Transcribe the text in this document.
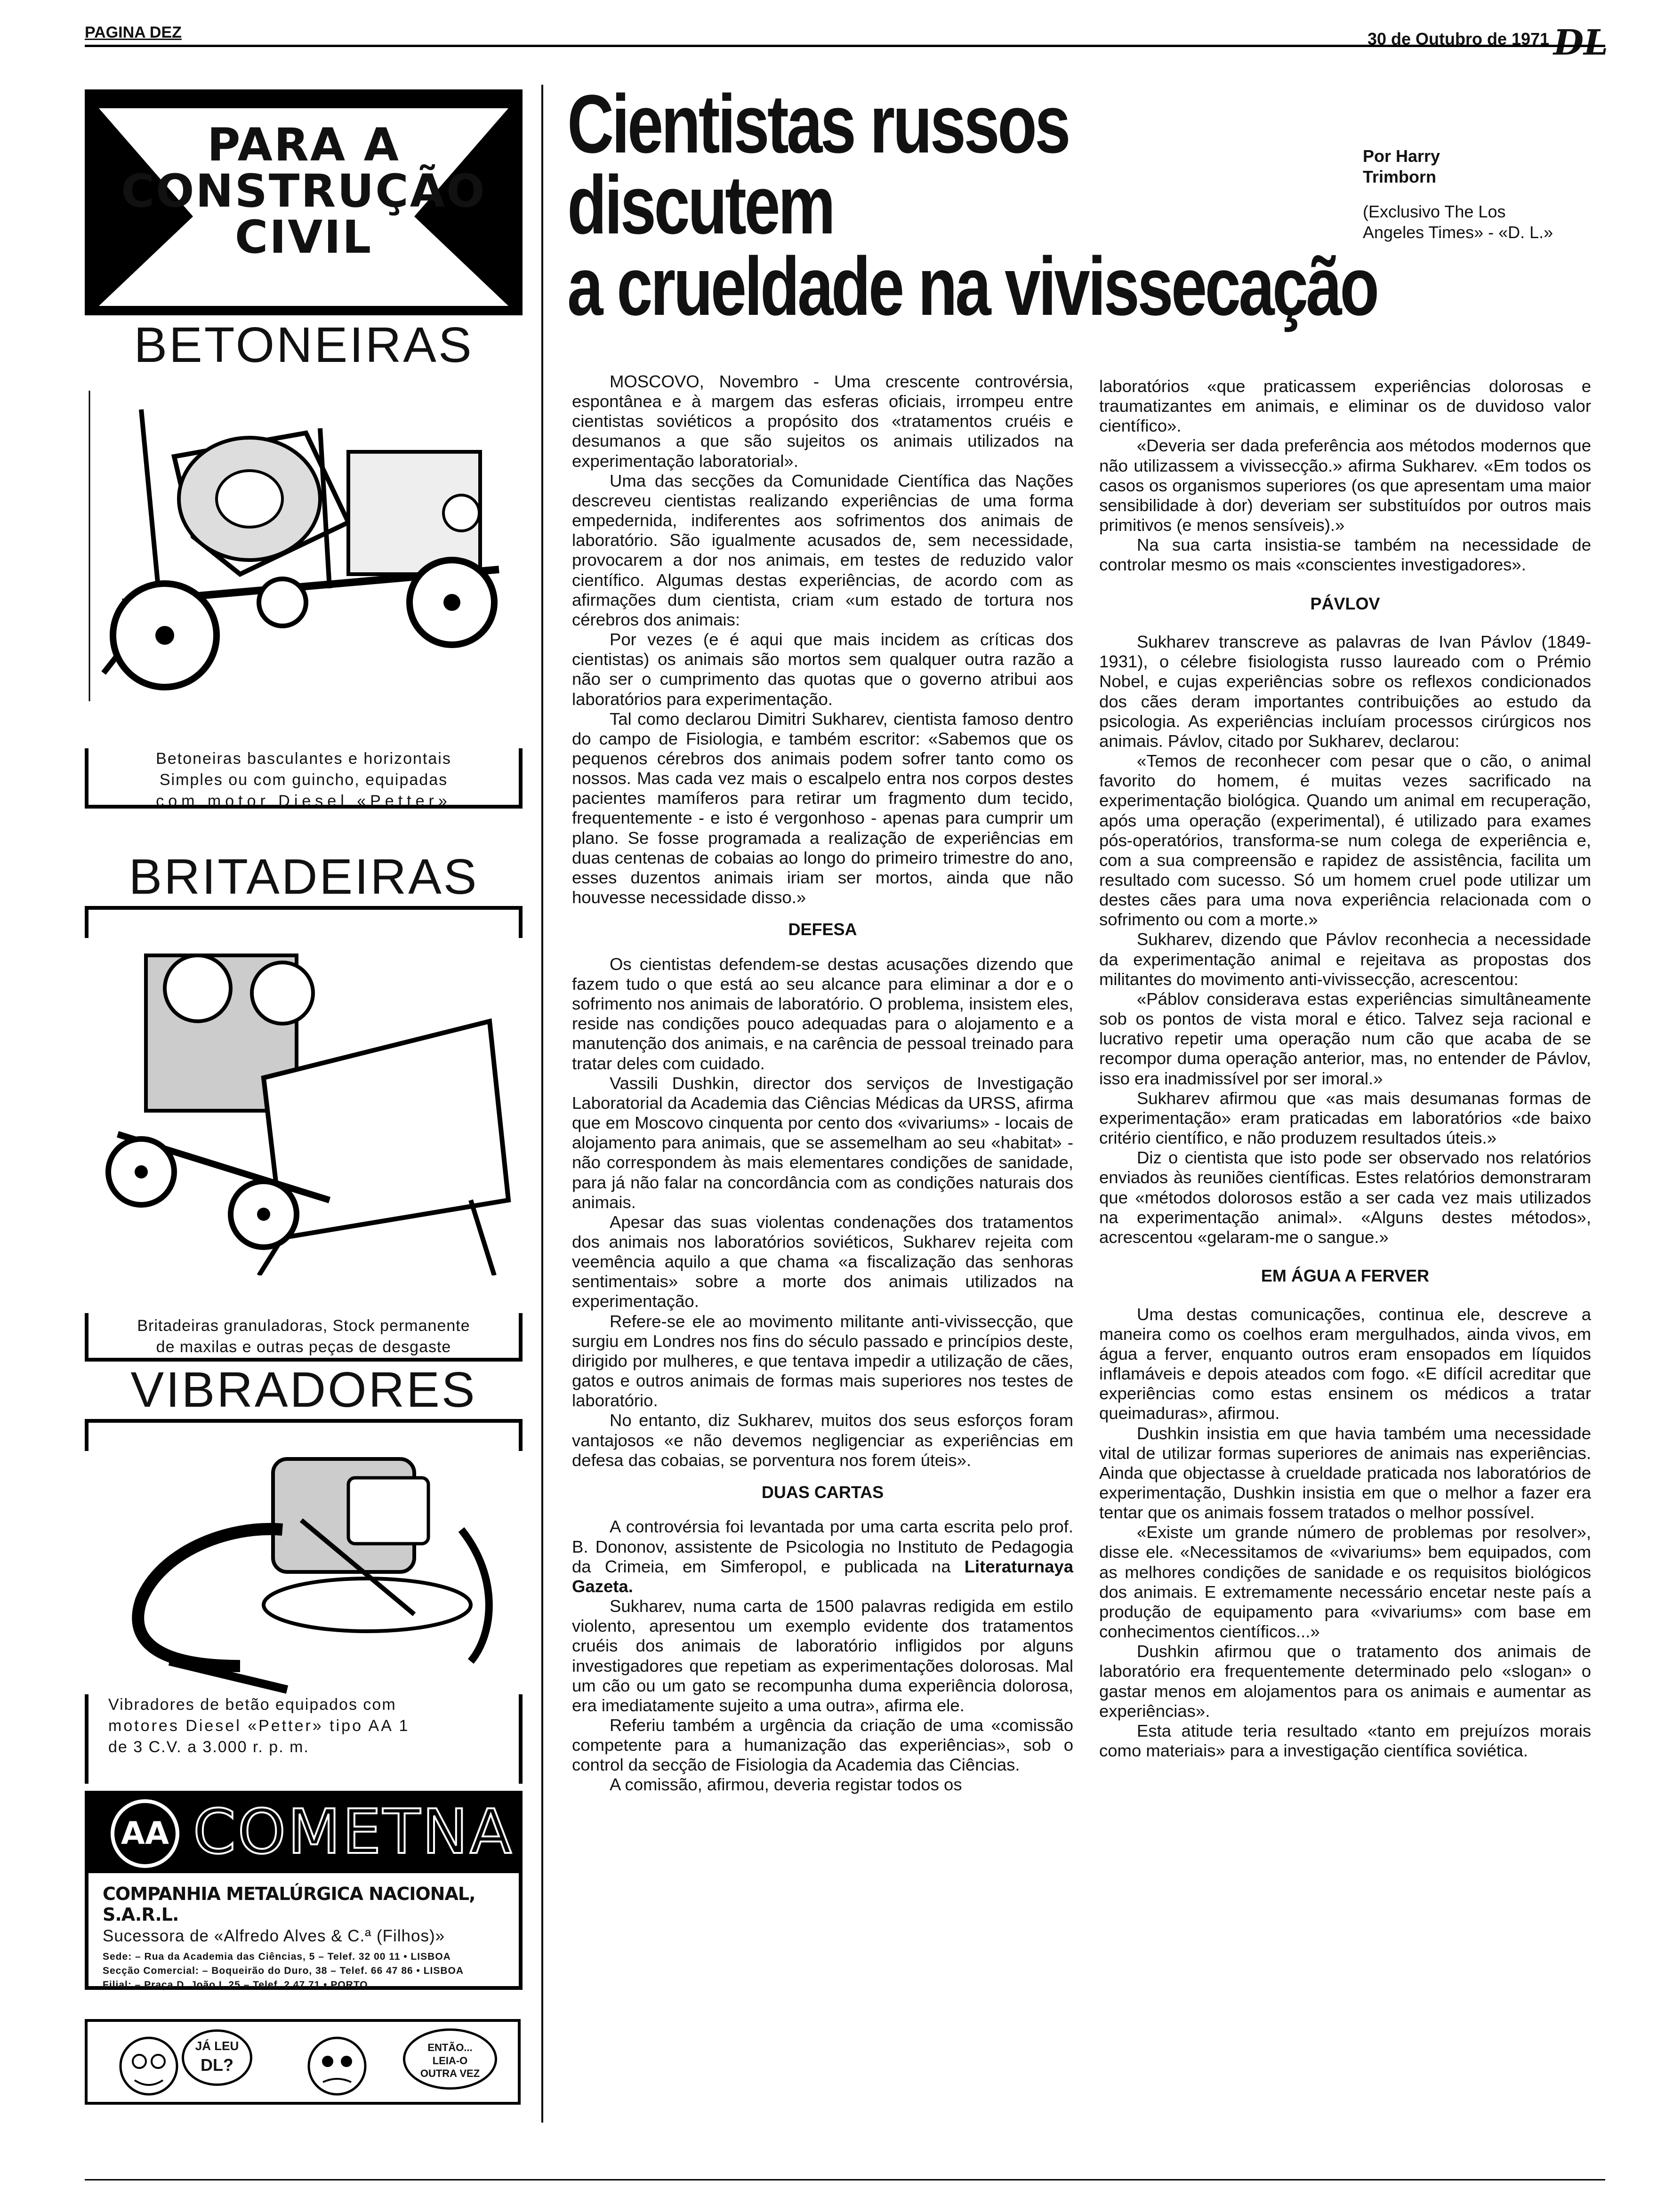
PAGINA DEZ	30 de Outubro de 1971 DL
PARA A
CONSTRUÇÃO
CIVIL
BETONEIRAS
Betoneiras basculantes e horizontais
Simples ou com guincho, equipadas
com motor Diesel «Petter»
BRITADEIRAS
Britadeiras granuladoras, Stock permanente
de maxilas e outras peças de desgaste
VIBRADORES
Vibradores de betão equipados com
motores Diesel «Petter» tipo AA 1
de 3 C.V. a 3.000 r. p. m.
AA COMETNA
COMPANHIA METALÚRGICA NACIONAL, S.A.R.L.
Sucessora de «Alfredo Alves & C.ª (Filhos)»
Sede: – Rua da Academia das Ciências, 5 – Telef. 32 00 11 • LISBOA
Secção Comercial: – Boqueirão do Duro, 38 – Telef. 66 47 86 • LISBOA
Filial: – Praça D. João I, 25 – Telef. 2 47 71 • PORTO
JÁ LEU
DL?
ENTÃO...
LEIA-O
OUTRA VEZ
Cientistas russos
discutem
a crueldade na vivissecação
Por Harry Trimborn
(Exclusivo The Los Angeles Times» - «D. L.»

MOSCOVO, Novembro - Uma crescente controvérsia, espontânea e à margem das esferas oficiais, irrompeu entre cientistas soviéticos a propósito dos «tratamentos cruéis e desumanos a que são sujeitos os animais utilizados na experimentação laboratorial».

Uma das secções da Comunidade Científica das Nações descreveu cientistas realizando experiências de uma forma empedernida, indiferentes aos sofrimentos dos animais de laboratório. São igualmente acusados de, sem necessidade, provocarem a dor nos animais, em testes de reduzido valor científico. Algumas destas experiências, de acordo com as afirmações dum cientista, criam «um estado de tortura nos cérebros dos animais:

Por vezes (e é aqui que mais incidem as críticas dos cientistas) os animais são mortos sem qualquer outra razão a não ser o cumprimento das quotas que o governo atribui aos laboratórios para experimentação.

Tal como declarou Dimitri Sukharev, cientista famoso dentro do campo de Fisiologia, e também escritor: «Sabemos que os pequenos cérebros dos animais podem sofrer tanto como os nossos. Mas cada vez mais o escalpelo entra nos corpos destes pacientes mamíferos para retirar um fragmento dum tecido, frequentemente - e isto é vergonhoso - apenas para cumprir um plano. Se fosse programada a realização de experiências em duas centenas de cobaias ao longo do primeiro trimestre do ano, esses duzentos animais iriam ser mortos, ainda que não houvesse necessidade disso.»

DEFESA

Os cientistas defendem-se destas acusações dizendo que fazem tudo o que está ao seu alcance para eliminar a dor e o sofrimento nos animais de laboratório. O problema, insistem eles, reside nas condições pouco adequadas para o alojamento e a manutenção dos animais, e na carência de pessoal treinado para tratar deles com cuidado.

Vassili Dushkin, director dos serviços de Investigação Laboratorial da Academia das Ciências Médicas da URSS, afirma que em Moscovo cinquenta por cento dos «vivariums» - locais de alojamento para animais, que se assemelham ao seu «habitat» - não correspondem às mais elementares condições de sanidade, para já não falar na concordância com as condições naturais dos animais.

Apesar das suas violentas condenações dos tratamentos dos animais nos laboratórios soviéticos, Sukharev rejeita com veemência aquilo a que chama «a fiscalização das senhoras sentimentais» sobre a morte dos animais utilizados na experimentação.

Refere-se ele ao movimento militante anti-vivissecção, que surgiu em Londres nos fins do século passado e princípios deste, dirigido por mulheres, e que tentava impedir a utilização de cães, gatos e outros animais de formas mais superiores nos testes de laboratório.

No entanto, diz Sukharev, muitos dos seus esforços foram vantajosos «e não devemos negligenciar as experiências em defesa das cobaias, se porventura nos forem úteis».

DUAS CARTAS

A controvérsia foi levantada por uma carta escrita pelo prof. B. Dononov, assistente de Psicologia no Instituto de Pedagogia da Crimeia, em Simferopol, e publicada na Literaturnaya Gazeta.

Sukharev, numa carta de 1500 palavras redigida em estilo violento, apresentou um exemplo evidente dos tratamentos cruéis dos animais de laboratório infligidos por alguns investigadores que repetiam as experimentações dolorosas. Mal um cão ou um gato se recompunha duma experiência dolorosa, era imediatamente sujeito a uma outra», afirma ele.

Referiu também a urgência da criação de uma «comissão competente para a humanização das experiências», sob o control da secção de Fisiologia da Academia das Ciências.

A comissão, afirmou, deveria registar todos os

laboratórios «que praticassem experiências dolorosas e traumatizantes em animais, e eliminar os de duvidoso valor científico».

«Deveria ser dada preferência aos métodos modernos que não utilizassem a vivissecção.» afirma Sukharev. «Em todos os casos os organismos superiores (os que apresentam uma maior sensibilidade à dor) deveriam ser substituídos por outros mais primitivos (e menos sensíveis).»

Na sua carta insistia-se também na necessidade de controlar mesmo os mais «conscientes investigadores».

PÁVLOV

Sukharev transcreve as palavras de Ivan Pávlov (1849-1931), o célebre fisiologista russo laureado com o Prémio Nobel, e cujas experiências sobre os reflexos condicionados dos cães deram importantes contribuições ao estudo da psicologia. As experiências incluíam processos cirúrgicos nos animais. Pávlov, citado por Sukharev, declarou:

«Temos de reconhecer com pesar que o cão, o animal favorito do homem, é muitas vezes sacrificado na experimentação biológica. Quando um animal em recuperação, após uma operação (experimental), é utilizado para exames pós-operatórios, transforma-se num colega de experiência e, com a sua compreensão e rapidez de assistência, facilita um resultado com sucesso. Só um homem cruel pode utilizar um destes cães para uma nova experiência relacionada com o sofrimento ou com a morte.»

Sukharev, dizendo que Pávlov reconhecia a necessidade da experimentação animal e rejeitava as propostas dos militantes do movimento anti-vivissecção, acrescentou:

«Páblov considerava estas experiências simultâneamente sob os pontos de vista moral e ético. Talvez seja racional e lucrativo repetir uma operação num cão que acaba de se recompor duma operação anterior, mas, no entender de Pávlov, isso era inadmissível por ser imoral.»

Sukharev afirmou que «as mais desumanas formas de experimentação» eram praticadas em laboratórios «de baixo critério científico, e não produzem resultados úteis.»

Diz o cientista que isto pode ser observado nos relatórios enviados às reuniões científicas. Estes relatórios demonstraram que «métodos dolorosos estão a ser cada vez mais utilizados na experimentação animal». «Alguns destes métodos», acrescentou «gelaram-me o sangue.»

EM ÁGUA A FERVER

Uma destas comunicações, continua ele, descreve a maneira como os coelhos eram mergulhados, ainda vivos, em água a ferver, enquanto outros eram ensopados em líquidos inflamáveis e depois ateados com fogo. «E difícil acreditar que experiências como estas ensinem os médicos a tratar queimaduras», afirmou.

Dushkin insistia em que havia também uma necessidade vital de utilizar formas superiores de animais nas experiências. Ainda que objectasse à crueldade praticada nos laboratórios de experimentação, Dushkin insistia em que o melhor a fazer era tentar que os animais fossem tratados o melhor possível.

«Existe um grande número de problemas por resolver», disse ele. «Necessitamos de «vivariums» bem equipados, com as melhores condições de sanidade e os requisitos biológicos dos animais. E extremamente necessário encetar neste país a produção de equipamento para «vivariums» com base em conhecimentos científicos...»

Dushkin afirmou que o tratamento dos animais de laboratório era frequentemente determinado pelo «slogan» o gastar menos em alojamentos para os animais e aumentar as experiências».

Esta atitude teria resultado «tanto em prejuízos morais como materiais» para a investigação científica soviética.
